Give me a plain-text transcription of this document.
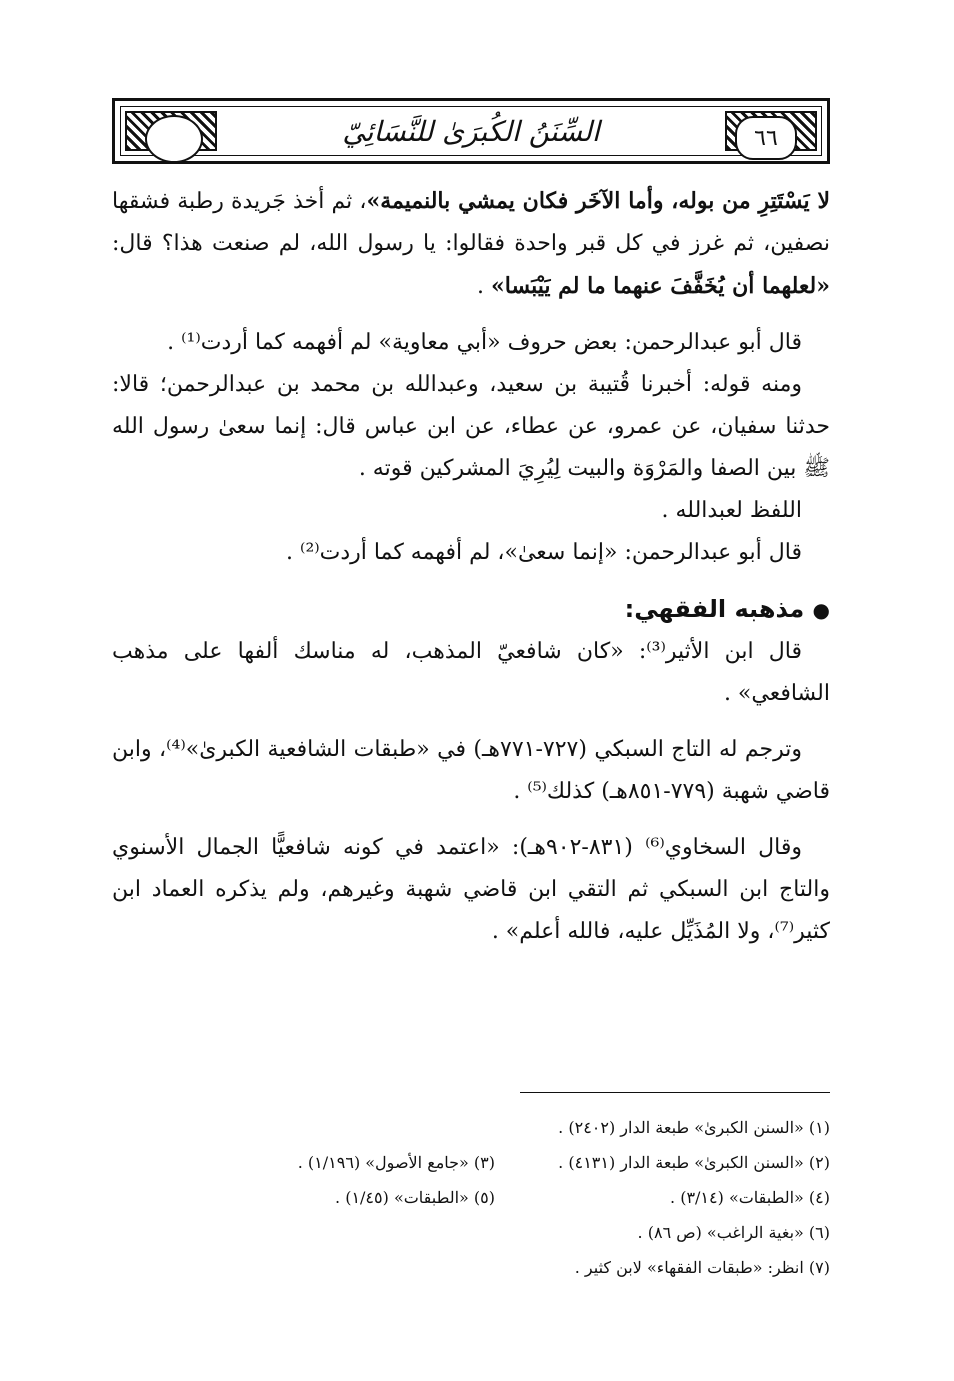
السِّنَنُ الكُبرَىٰ للنَّسَائِيّ	٦٦

لا يَسْتَتِرِ من بوله، وأما الآخَر فكان يمشي بالنميمة»، ثم أخذ جَريدة رطبة فشقها نصفين، ثم غرز في كل قبر واحدة فقالوا: يا رسول الله، لم صنعت هذا؟ قال: «لعلهما أن يُخَفَّفَ عنهما ما لم يَيْبَسا» .

قال أبو عبدالرحمن: بعض حروف «أبي معاوية» لم أفهمه كما أردت⁽¹⁾ .

ومنه قوله: أخبرنا قُتيبة بن سعيد، وعبدالله بن محمد بن عبدالرحمن؛ قالا: حدثنا سفيان، عن عمرو، عن عطاء، عن ابن عباس قال: إنما سعىٰ رسول الله ﷺ بين الصفا والمَرْوَة والبيت لِيُرِيَ المشركين قوته .

اللفظ لعبدالله .

قال أبو عبدالرحمن: «إنما سعىٰ»، لم أفهمه كما أردت⁽²⁾ .

● مذهبه الفقهي:

قال ابن الأثير⁽³⁾: «كان شافعيّ المذهب، له مناسك ألفها على مذهب الشافعي» .

وترجم له التاج السبكي (٧٢٧-٧٧١هـ) في «طبقات الشافعية الكبرىٰ»⁽⁴⁾، وابن قاضي شهبة (٧٧٩-٨٥١هـ) كذلك⁽⁵⁾ .

وقال السخاوي⁽⁶⁾ (٨٣١-٩٠٢هـ): «اعتمد في كونه شافعيًّا الجمال الأسنوي والتاج ابن السبكي ثم التقي ابن قاضي شهبة وغيرهم، ولم يذكره العماد ابن كثير⁽⁷⁾، ولا المُذَيِّل عليه، فالله أعلم» .

(١) «السنن الكبرىٰ» طبعة الدار (٢٤٠٢) .
(٢) «السنن الكبرىٰ» طبعة الدار (٤١٣١) .
(٣) «جامع الأصول» (١/١٩٦) .
(٤) «الطبقات» (٣/١٤) .
(٥) «الطبقات» (١/٤٥) .
(٦) «بغية الراغب» (ص ٨٦) .
(٧) انظر: «طبقات الفقهاء» لابن كثير .
